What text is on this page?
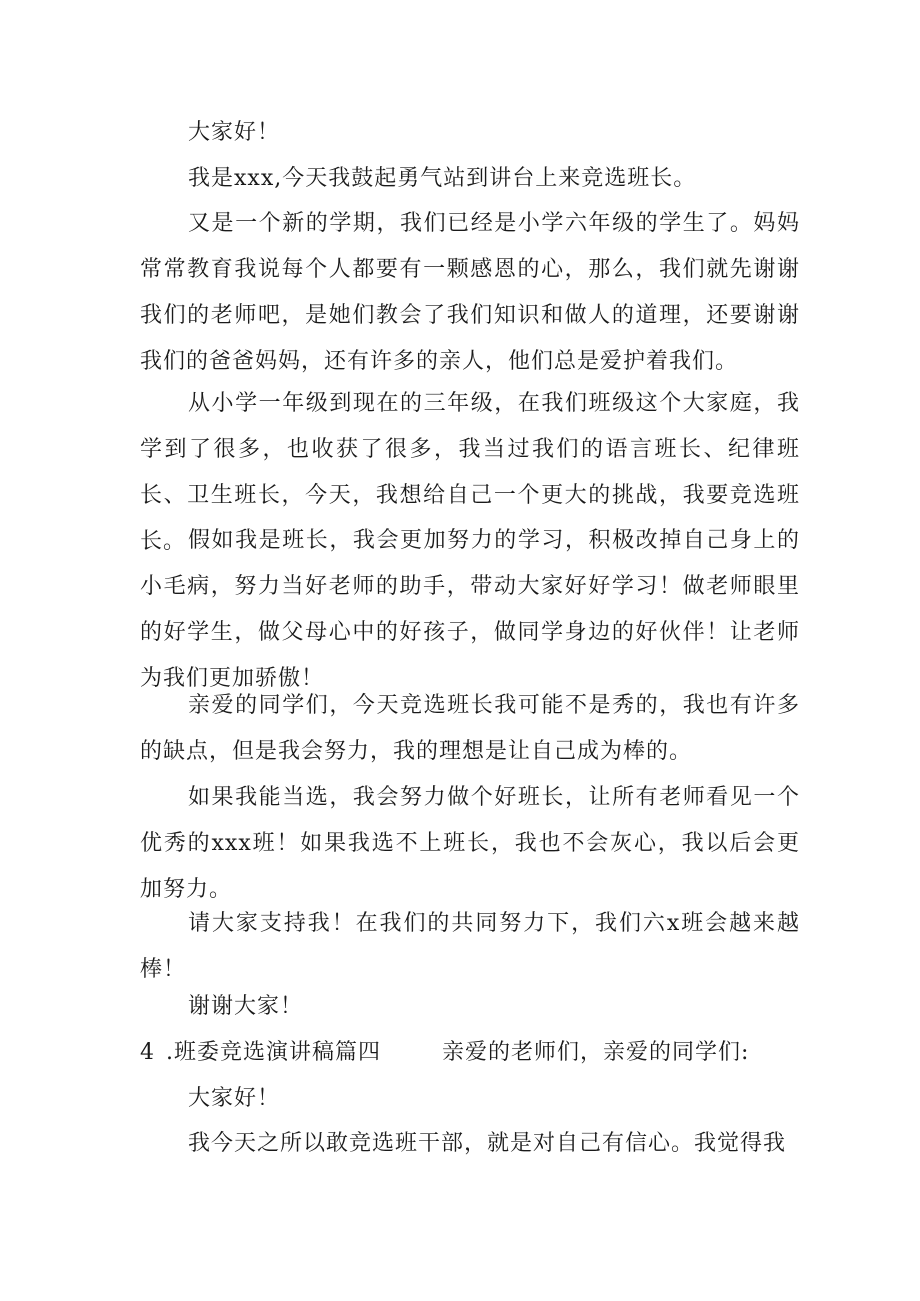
大家好！

我是xxx,今天我鼓起勇气站到讲台上来竞选班长。

又是一个新的学期，我们已经是小学六年级的学生了。妈妈常常教育我说每个人都要有一颗感恩的心，那么，我们就先谢谢我们的老师吧，是她们教会了我们知识和做人的道理，还要谢谢我们的爸爸妈妈，还有许多的亲人，他们总是爱护着我们。

从小学一年级到现在的三年级，在我们班级这个大家庭，我学到了很多，也收获了很多，我当过我们的语言班长、纪律班长、卫生班长，今天，我想给自己一个更大的挑战，我要竞选班长。 假如我是班长，我会更加努力的学习，积极改掉自己身上的小毛病，努力当好老师的助手，带动大家好好学习！做老师眼里的好学生，做父母心中的好孩子，做同学身边的好伙伴！让老师为我们更加骄傲！

亲爱的同学们，今天竞选班长我可能不是秀的，我也有许多的缺点，但是我会努力，我的理想是让自己成为棒的。

如果我能当选，我会努力做个好班长，让所有老师看见一个优秀的xxx班！如果我选不上班长，我也不会灰心，我以后会更加努力。

请大家支持我！在我们的共同努力下，我们六x班会越来越棒！

谢谢大家！

4 .班委竞选演讲稿篇四	亲爱的老师们，亲爱的同学们:

大家好！

我今天之所以敢竞选班干部，就是对自己有信心。我觉得我
